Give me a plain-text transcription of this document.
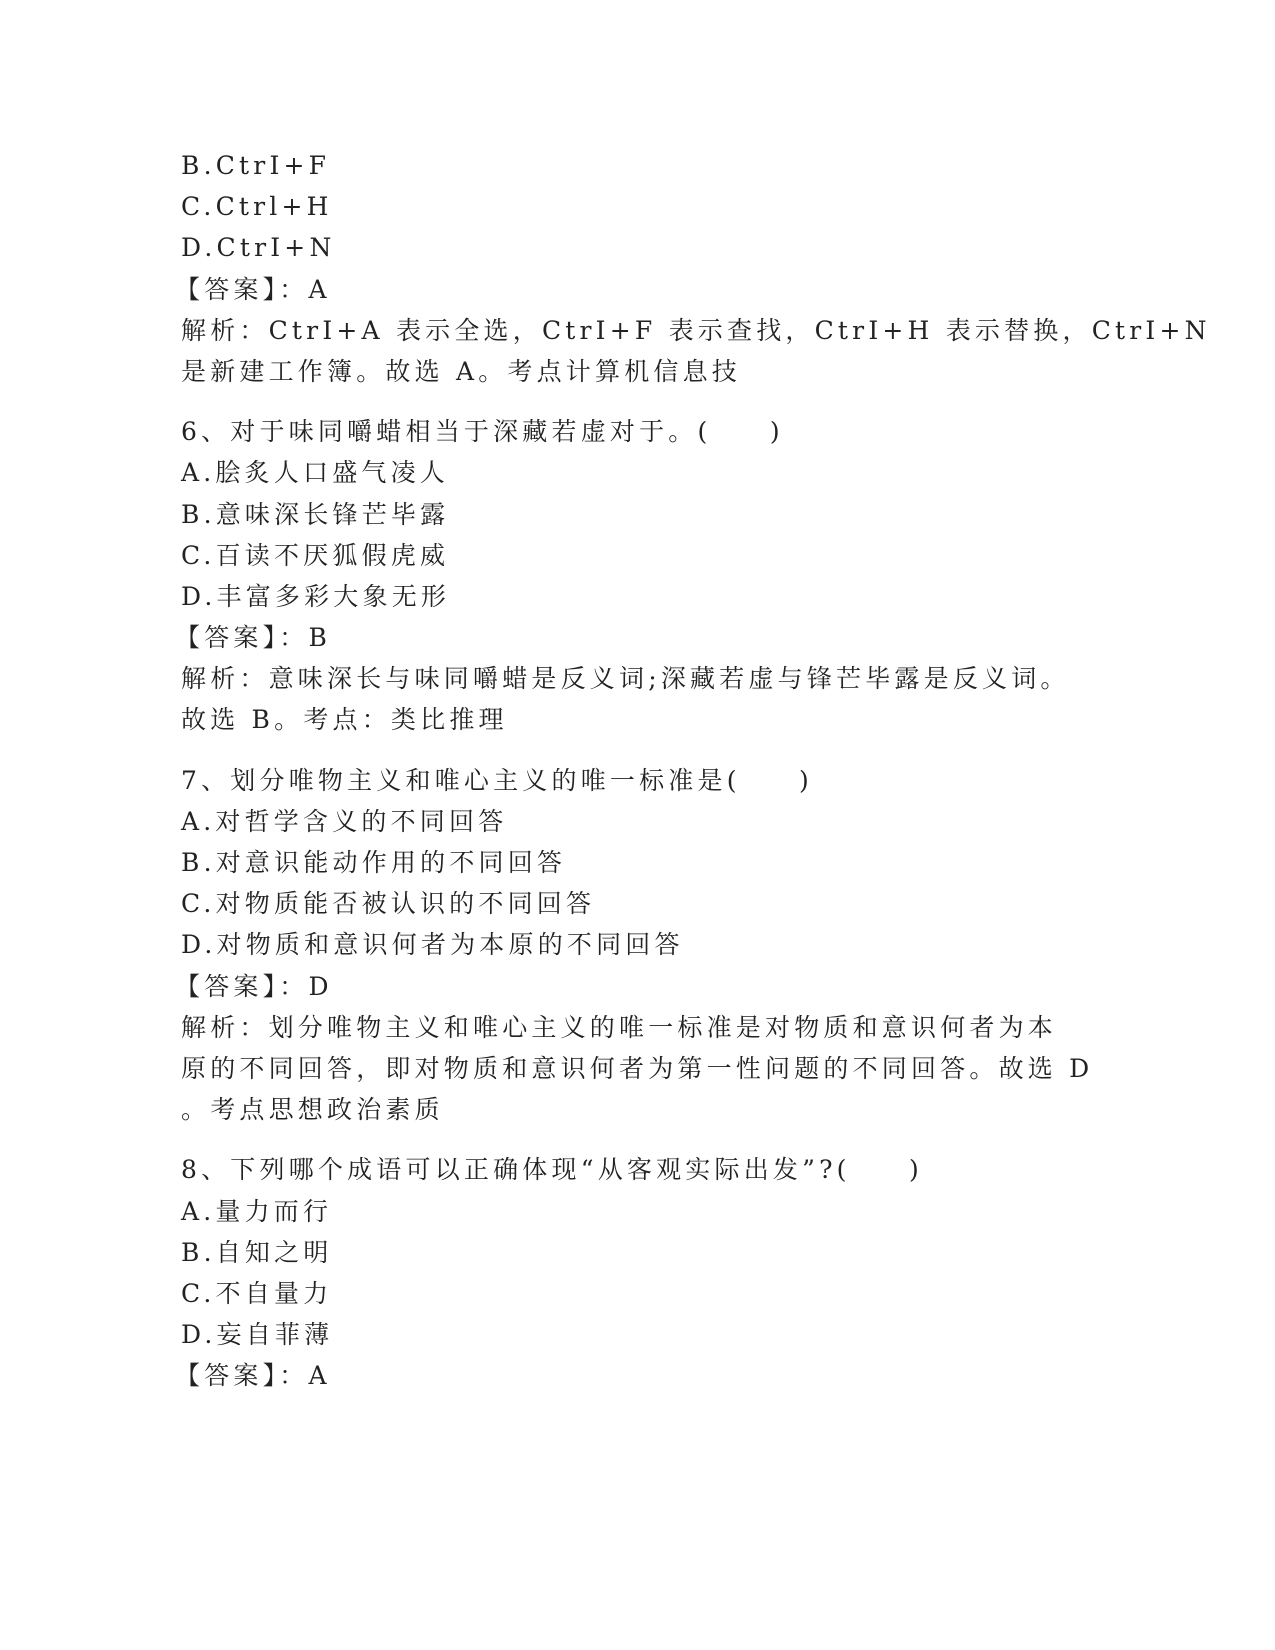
B.CtrI+F
C.Ctrl+H
D.CtrI+N
【答案】：A
解析：CtrI+A 表示全选，CtrI+F 表示查找，CtrI+H 表示替换，CtrI+N
是新建工作簿。故选 A。考点计算机信息技
6、对于味同嚼蜡相当于深藏若虚对于。(　　)
A.脍炙人口盛气凌人
B.意味深长锋芒毕露
C.百读不厌狐假虎威
D.丰富多彩大象无形
【答案】：B
解析：意味深长与味同嚼蜡是反义词;深藏若虚与锋芒毕露是反义词。
故选 B。考点：类比推理
7、划分唯物主义和唯心主义的唯一标准是(　　)
A.对哲学含义的不同回答
B.对意识能动作用的不同回答
C.对物质能否被认识的不同回答
D.对物质和意识何者为本原的不同回答
【答案】：D
解析：划分唯物主义和唯心主义的唯一标准是对物质和意识何者为本
原的不同回答，即对物质和意识何者为第一性问题的不同回答。故选 D
。考点思想政治素质
8、下列哪个成语可以正确体现“从客观实际出发”?(　　)
A.量力而行
B.自知之明
C.不自量力
D.妄自菲薄
【答案】：A
